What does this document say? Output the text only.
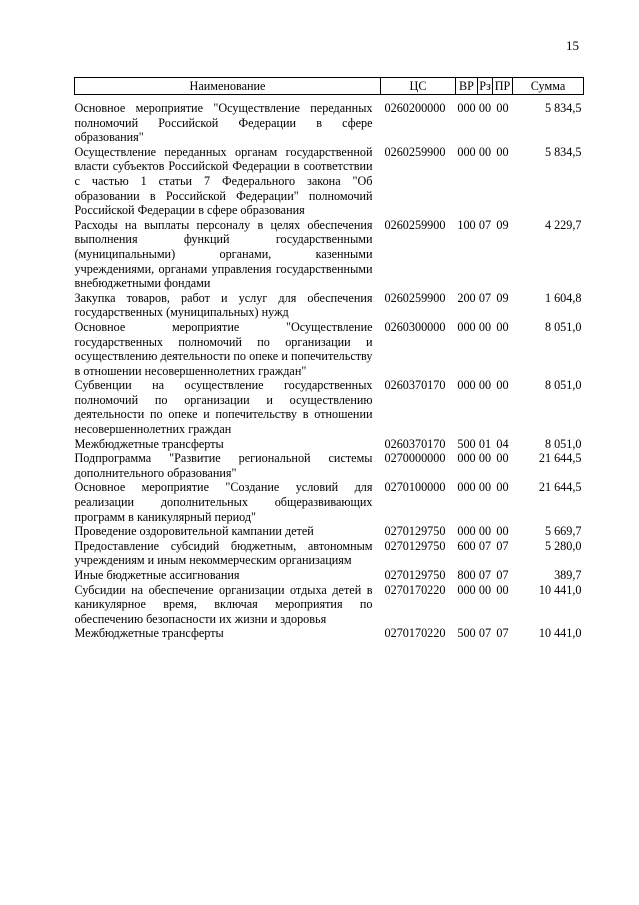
15
Наименование	ЦС	ВР	Рз	ПР	Сумма
Основное мероприятие "Осуществление переданных полномочий Российской Федерации в сфере образования"	0260200000	000	00	00	5 834,5
Осуществление переданных органам государственной власти субъектов Российской Федерации в соответствии с частью 1 статьи 7 Федерального закона "Об образовании в Российской Федерации" полномочий Российской Федерации в сфере образования	0260259900	000	00	00	5 834,5
Расходы на выплаты персоналу в целях обеспечения выполнения функций государственными (муниципальными) органами, казенными учреждениями, органами управления государственными внебюджетными фондами	0260259900	100	07	09	4 229,7
Закупка товаров, работ и услуг для обеспечения государственных (муниципальных) нужд	0260259900	200	07	09	1 604,8
Основное мероприятие "Осуществление государственных полномочий по организации и осуществлению деятельности по опеке и попечительству в отношении несовершеннолетних граждан"	0260300000	000	00	00	8 051,0
Субвенции на осуществление государственных полномочий по организации и осуществлению деятельности по опеке и попечительству в отношении несовершеннолетних граждан	0260370170	000	00	00	8 051,0
Межбюджетные трансферты	0260370170	500	01	04	8 051,0
Подпрограмма "Развитие региональной системы дополнительного образования"	0270000000	000	00	00	21 644,5
Основное мероприятие "Создание условий для реализации дополнительных общеразвивающих программ в каникулярный период"	0270100000	000	00	00	21 644,5
Проведение оздоровительной кампании детей	0270129750	000	00	00	5 669,7
Предоставление субсидий бюджетным, автономным учреждениям и иным некоммерческим организациям	0270129750	600	07	07	5 280,0
Иные бюджетные ассигнования	0270129750	800	07	07	389,7
Субсидии на обеспечение организации отдыха детей в каникулярное время, включая мероприятия по обеспечению безопасности их жизни и здоровья	0270170220	000	00	00	10 441,0
Межбюджетные трансферты	0270170220	500	07	07	10 441,0
